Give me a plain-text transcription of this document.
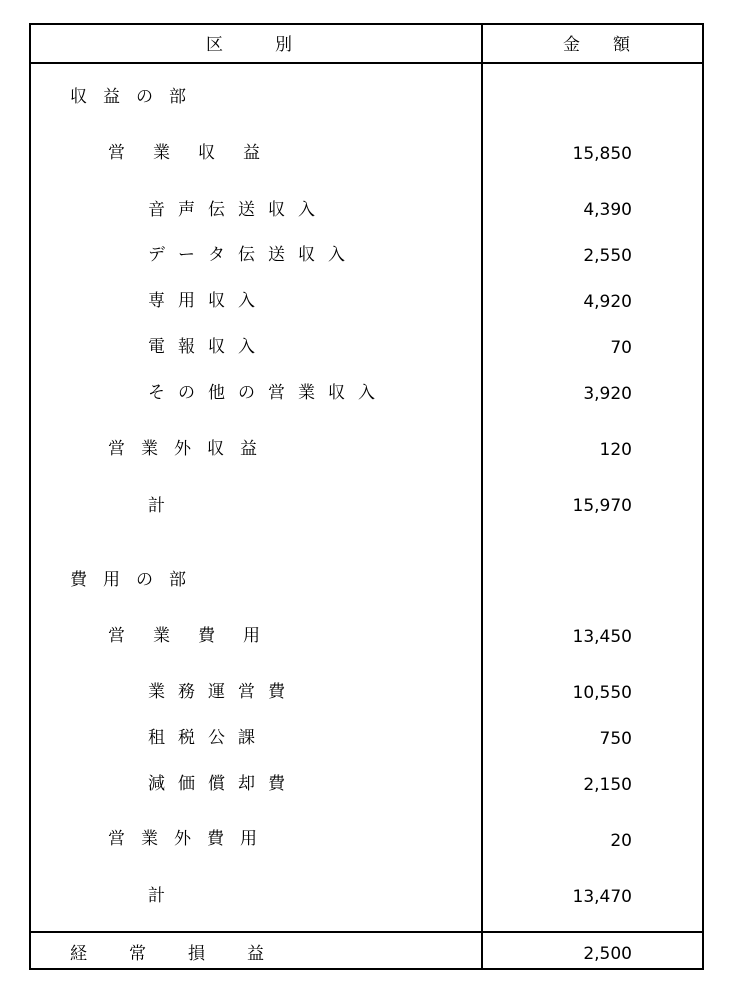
区　　別	金　額
収益の部
営業収益	15,850
音声伝送収入	4,390
データ伝送収入	2,550
専用収入	4,920
電報収入	70
その他の営業収入	3,920
営業外収益	120
計	15,970
費用の部
営業費用	13,450
業務運営費	10,550
租税公課	750
減価償却費	2,150
営業外費用	20
計	13,470
経常損益	2,500
